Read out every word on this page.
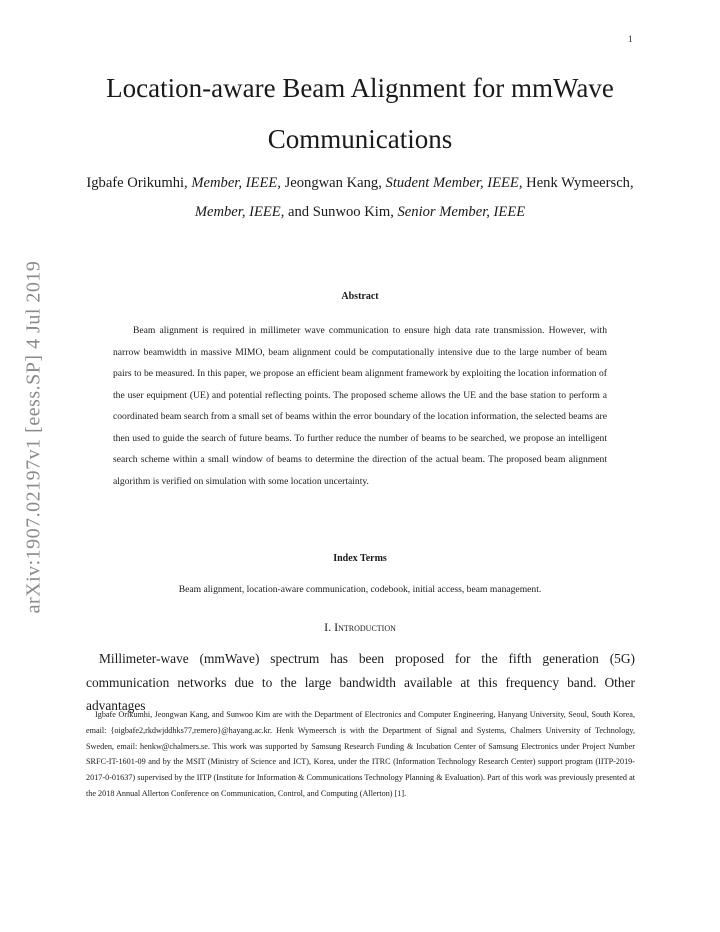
1
arXiv:1907.02197v1 [eess.SP] 4 Jul 2019
Location-aware Beam Alignment for mmWave Communications

Igbafe Orikumhi, Member, IEEE, Jeongwan Kang, Student Member, IEEE, Henk Wymeersch, Member, IEEE, and Sunwoo Kim, Senior Member, IEEE

Abstract

Beam alignment is required in millimeter wave communication to ensure high data rate transmission. However, with narrow beamwidth in massive MIMO, beam alignment could be computationally intensive due to the large number of beam pairs to be measured. In this paper, we propose an efficient beam alignment framework by exploiting the location information of the user equipment (UE) and potential reflecting points. The proposed scheme allows the UE and the base station to perform a coordinated beam search from a small set of beams within the error boundary of the location information, the selected beams are then used to guide the search of future beams. To further reduce the number of beams to be searched, we propose an intelligent search scheme within a small window of beams to determine the direction of the actual beam. The proposed beam alignment algorithm is verified on simulation with some location uncertainty.

Index Terms

Beam alignment, location-aware communication, codebook, initial access, beam management.

I. Introduction

Millimeter-wave (mmWave) spectrum has been proposed for the fifth generation (5G) communication networks due to the large bandwidth available at this frequency band. Other advantages

Igbafe Orikumhi, Jeongwan Kang, and Sunwoo Kim are with the Department of Electronics and Computer Engineering, Hanyang University, Seoul, South Korea, email: {oigbafe2,rkdwjddhks77,remero}@hayang.ac.kr. Henk Wymeersch is with the Department of Signal and Systems, Chalmers University of Technology, Sweden, email: henkw@chalmers.se. This work was supported by Samsung Research Funding & Incubation Center of Samsung Electronics under Project Number SRFC-IT-1601-09 and by the MSIT (Ministry of Science and ICT), Korea, under the ITRC (Information Technology Research Center) support program (IITP-2019-2017-0-01637) supervised by the IITP (Institute for Information & Communications Technology Planning & Evaluation). Part of this work was previously presented at the 2018 Annual Allerton Conference on Communication, Control, and Computing (Allerton) [1].
